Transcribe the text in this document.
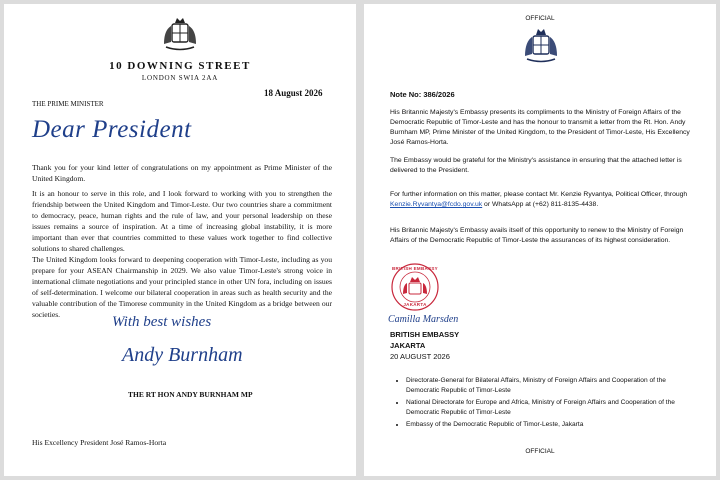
10 DOWNING STREET
LONDON SWIA 2AA
18 August 2026
THE PRIME MINISTER
Dear President
Thank you for your kind letter of congratulations on my appointment as Prime Minister of the United Kingdom.
It is an honour to serve in this role, and I look forward to working with you to strengthen the friendship between the United Kingdom and Timor-Leste. Our two countries share a commitment to democracy, peace, human rights and the rule of law, and your personal leadership on these issues remains a source of inspiration. At a time of increasing global instability, it is more important than ever that countries committed to these values work together to find collective solutions to shared challenges.
The United Kingdom looks forward to deepening cooperation with Timor-Leste, including as you prepare for your ASEAN Chairmanship in 2029. We also value Timor-Leste's strong voice in international climate negotiations and your principled stance in other UN fora, including on issues of self-determination. I welcome our bilateral cooperation in areas such as health security and the valuable contribution of the Timorese community in the United Kingdom as a bridge between our societies.	With best wishes
Andy Burnham
THE RT HON ANDY BURNHAM MP
His Excellency President José Ramos-Horta
OFFICIAL
Note No: 386/2026
His Britannic Majesty's Embassy presents its compliments to the Ministry of Foreign Affairs of the Democratic Republic of Timor-Leste and has the honour to transmit a letter from the Rt. Hon. Andy Burnham MP, Prime Minister of the United Kingdom, to the President of Timor-Leste, His Excellency José Ramos-Horta.
The Embassy would be grateful for the Ministry's assistance in ensuring that the attached letter is delivered to the President.
For further information on this matter, please contact Mr. Kenzie Ryvantya, Political Officer, through Kenzie.Ryvantya@fcdo.gov.uk or WhatsApp at (+62) 811-8135-4438.
His Britannic Majesty's Embassy avails itself of this opportunity to renew to the Ministry of Foreign Affairs of the Democratic Republic of Timor-Leste the assurances of its highest consideration.
BRITISH EMBASSY
JAKARTA
Camilla Marsden
BRITISH EMBASSY
JAKARTA
20 AUGUST 2026
• Directorate-General for Bilateral Affairs, Ministry of Foreign Affairs and Cooperation of the Democratic Republic of Timor-Leste
• National Directorate for Europe and Africa, Ministry of Foreign Affairs and Cooperation of the Democratic Republic of Timor-Leste
• Embassy of the Democratic Republic of Timor-Leste, Jakarta
OFFICIAL
